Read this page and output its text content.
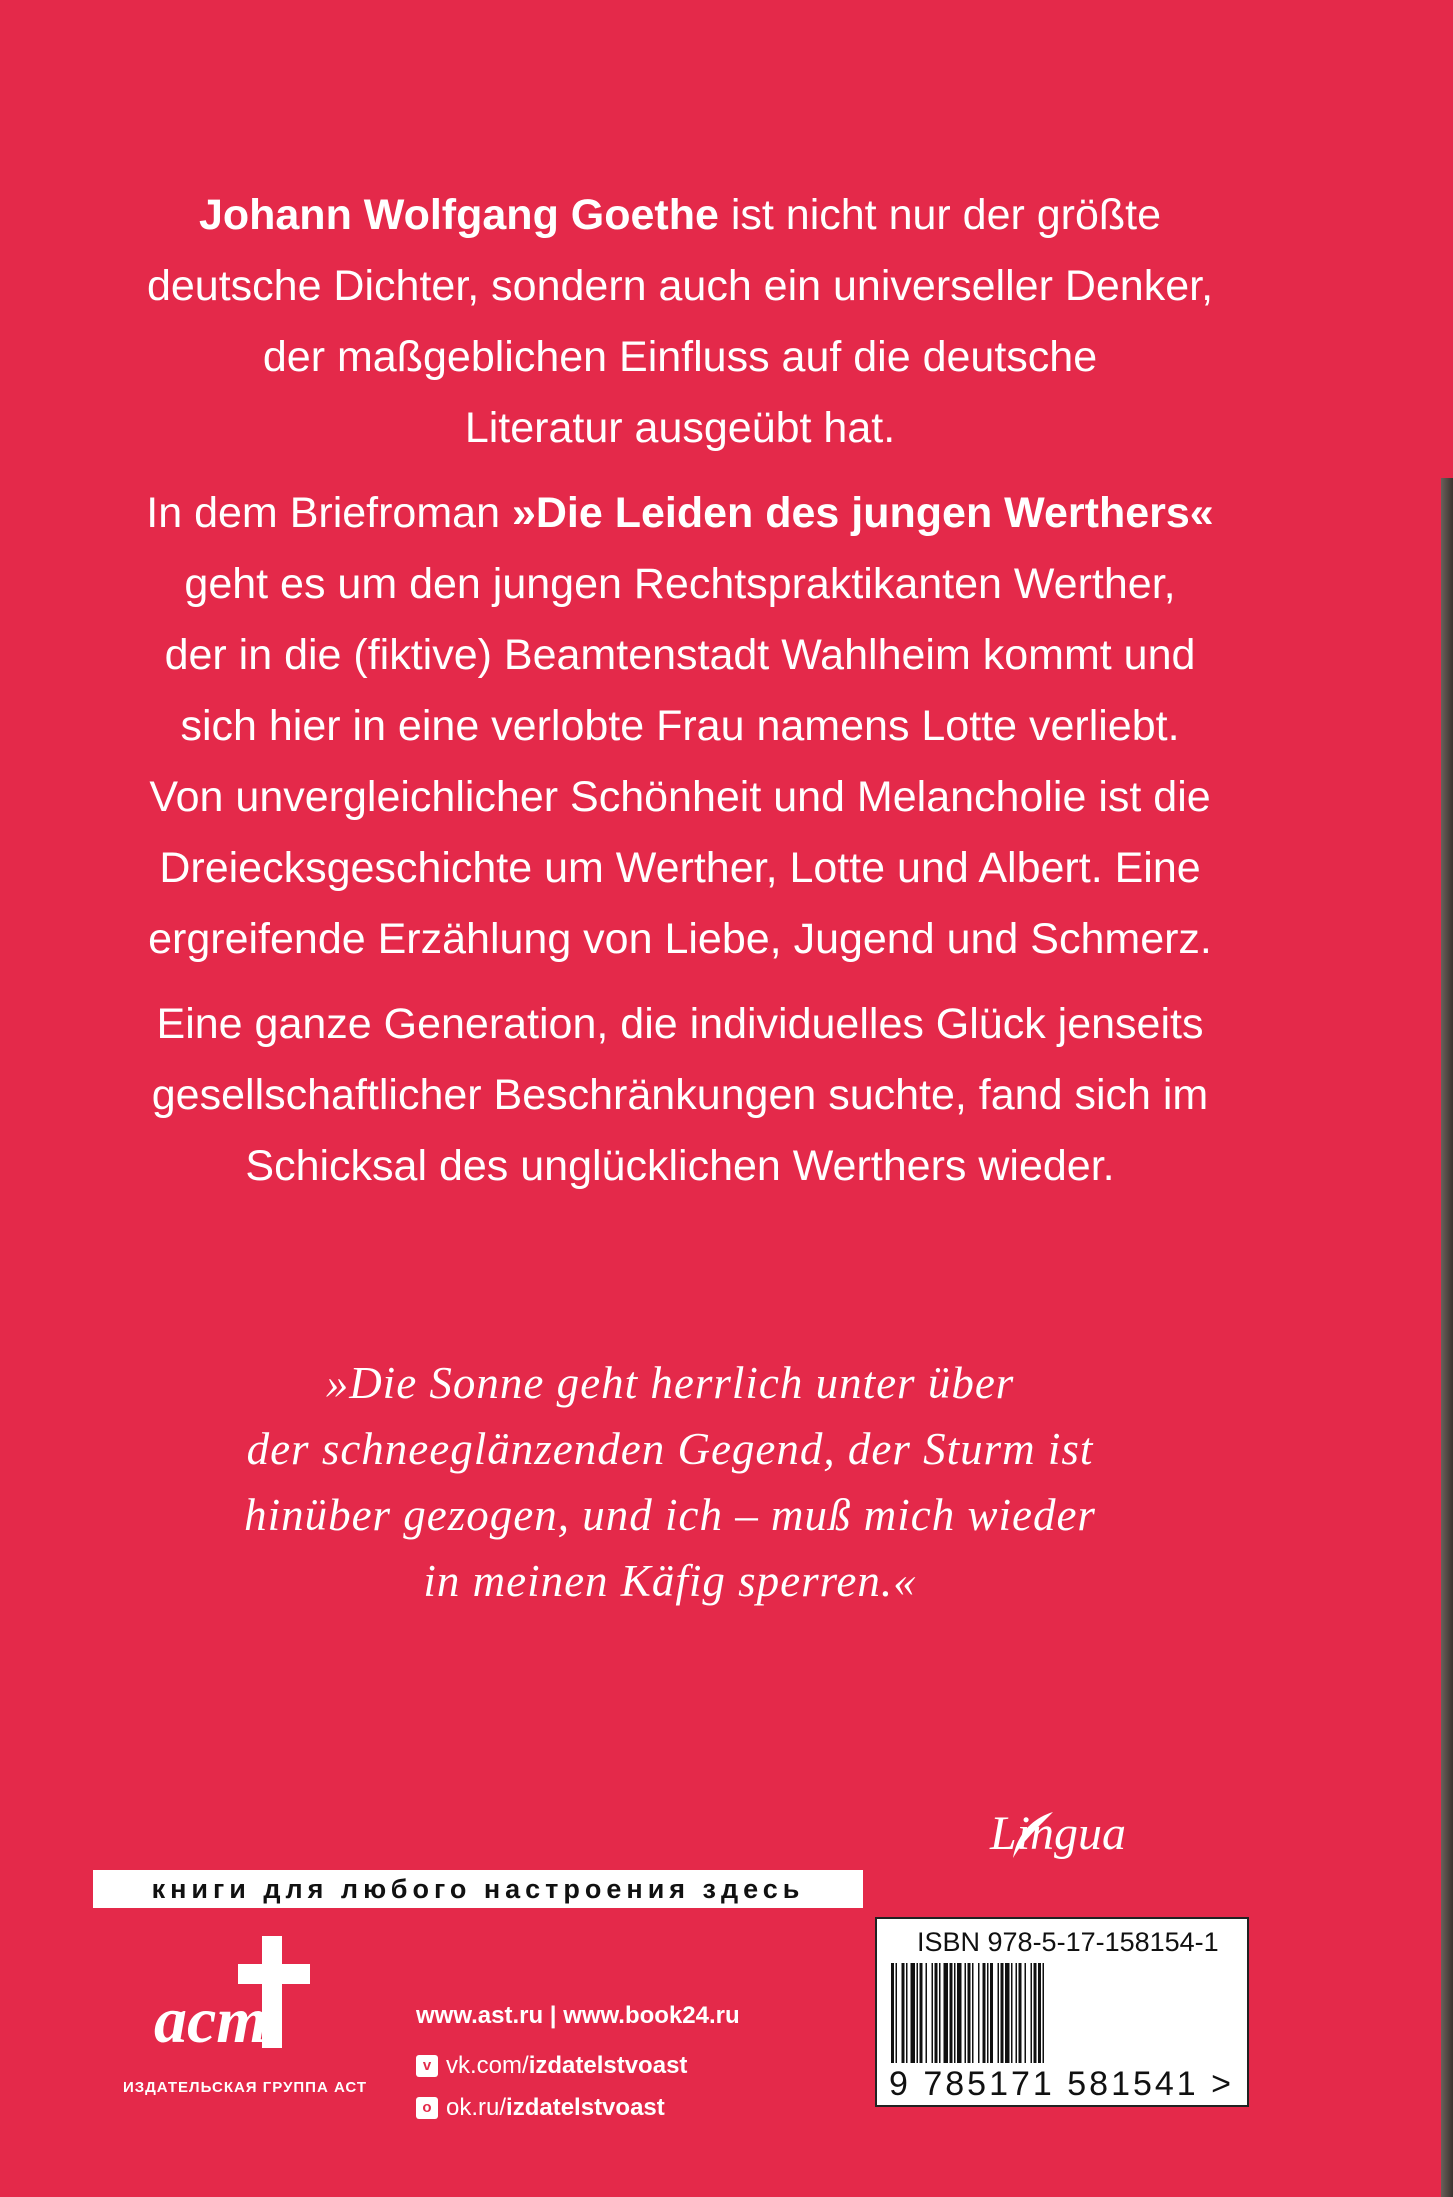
Johann Wolfgang Goethe ist nicht nur der größte
deutsche Dichter, sondern auch ein universeller Denker,
der maßgeblichen Einfluss auf die deutsche
Literatur ausgeübt hat.

In dem Briefroman »Die Leiden des jungen Werthers«
geht es um den jungen Rechtspraktikanten Werther,
der in die (fiktive) Beamtenstadt Wahlheim kommt und
sich hier in eine verlobte Frau namens Lotte verliebt.
Von unvergleichlicher Schönheit und Melancholie ist die
Dreiecksgeschichte um Werther, Lotte und Albert. Eine
ergreifende Erzählung von Liebe, Jugend und Schmerz.

Eine ganze Generation, die individuelles Glück jenseits
gesellschaftlicher Beschränkungen suchte, fand sich im
Schicksal des unglücklichen Werthers wieder.

»Die Sonne geht herrlich unter über
der schneeglänzenden Gegend, der Sturm ist
hinüber gezogen, und ich – muß mich wieder
in meinen Käfig sperren.«
книги для любого настроения здесь
аст
ИЗДАТЕЛЬСКАЯ ГРУППА АСТ
www.ast.ru | www.book24.ru
v vk.com/ izdatelstvoast
o ok.ru/ izdatelstvoast
Lingua
ISBN 978-5-17-158154-1
9 785171 581541 >
